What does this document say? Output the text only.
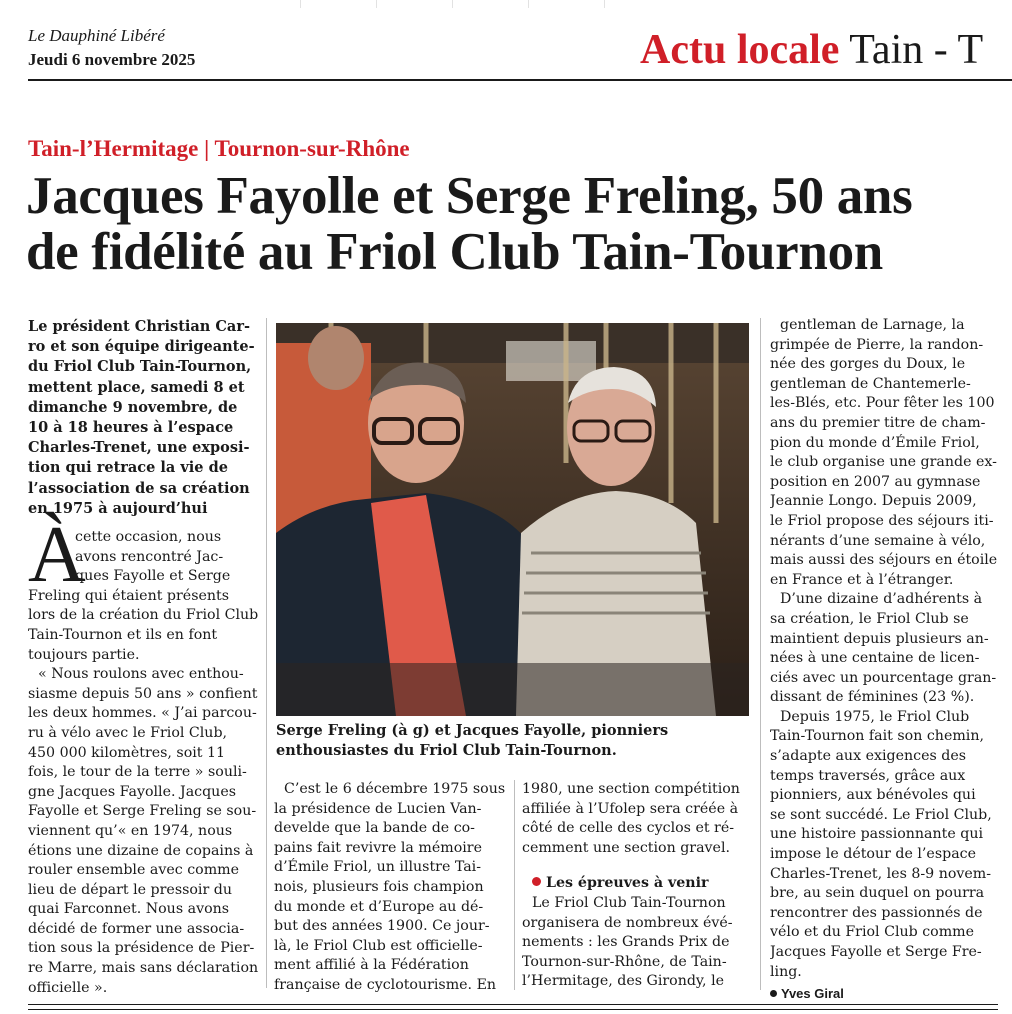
Le Dauphiné Libéré
Jeudi 6 novembre 2025	Actu locale Tain - T
Tain-l’Hermitage | Tournon-sur-Rhône
Jacques Fayolle et Serge Freling, 50 ans
de fidélité au Friol Club Tain-Tournon
Le président Christian Car-
ro et son équipe dirigeante-
du Friol Club Tain-Tournon,
mettent place, samedi 8 et
dimanche 9 novembre, de
10 à 18 heures à l’espace
Charles-Trenet, une exposi-
tion qui retrace la vie de
l’association de sa création
en 1975 à aujourd’hui
À
cette occasion, nous
avons rencontré Jac-
ques Fayolle et Serge
Freling qui étaient présents
lors de la création du Friol Club
Tain-Tournon et ils en font
toujours partie.
« Nous roulons avec enthou-
siasme depuis 50 ans » confient
les deux hommes. « J’ai parcou-
ru à vélo avec le Friol Club,
450 000 kilomètres, soit 11
fois, le tour de la terre » souli-
gne Jacques Fayolle. Jacques
Fayolle et Serge Freling se sou-
viennent qu’« en 1974, nous
étions une dizaine de copains à
rouler ensemble avec comme
lieu de départ le pressoir du
quai Farconnet. Nous avons
décidé de former une associa-
tion sous la présidence de Pier-
re Marre, mais sans déclaration
officielle ».
Serge Freling (à g) et Jacques Fayolle, pionniers
enthousiastes du Friol Club Tain-Tournon.
C’est le 6 décembre 1975 sous
la présidence de Lucien Van-
develde que la bande de co-
pains fait revivre la mémoire
d’Émile Friol, un illustre Tai-
nois, plusieurs fois champion
du monde et d’Europe au dé-
but des années 1900. Ce jour-
là, le Friol Club est officielle-
ment affilié à la Fédération
française de cyclotourisme. En
1980, une section compétition
affiliée à l’Ufolep sera créée à
côté de celle des cyclos et ré-
cemment une section gravel.
Les épreuves à venir
Le Friol Club Tain-Tournon
organisera de nombreux évé-
nements : les Grands Prix de
Tournon-sur-Rhône, de Tain-
l’Hermitage, des Girondy, le
gentleman de Larnage, la
grimpée de Pierre, la randon-
née des gorges du Doux, le
gentleman de Chantemerle-
les-Blés, etc. Pour fêter les 100
ans du premier titre de cham-
pion du monde d’Émile Friol,
le club organise une grande ex-
position en 2007 au gymnase
Jeannie Longo. Depuis 2009,
le Friol propose des séjours iti-
nérants d’une semaine à vélo,
mais aussi des séjours en étoile
en France et à l’étranger.
D’une dizaine d’adhérents à
sa création, le Friol Club se
maintient depuis plusieurs an-
nées à une centaine de licen-
ciés avec un pourcentage gran-
dissant de féminines (23 %).
Depuis 1975, le Friol Club
Tain-Tournon fait son chemin,
s’adapte aux exigences des
temps traversés, grâce aux
pionniers, aux bénévoles qui
se sont succédé. Le Friol Club,
une histoire passionnante qui
impose le détour de l’espace
Charles-Trenet, les 8-9 novem-
bre, au sein duquel on pourra
rencontrer des passionnés de
vélo et du Friol Club comme
Jacques Fayolle et Serge Fre-
ling.
Yves Giral
